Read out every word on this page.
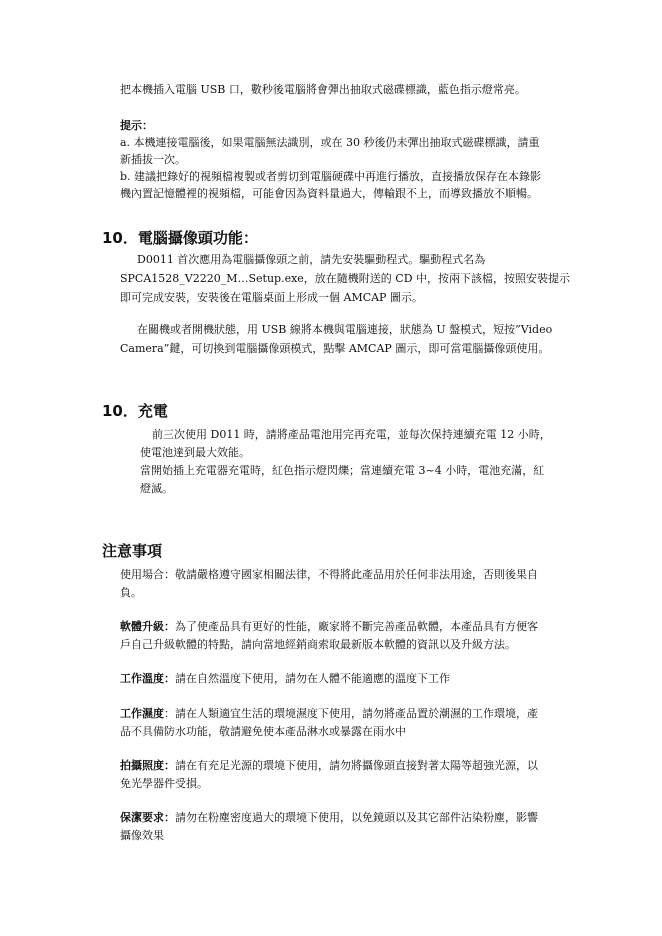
把本機插入電腦 USB 口，數秒後電腦將會彈出抽取式磁碟標識，藍色指示燈常亮。
提示：
a. 本機連接電腦後，如果電腦無法識別，或在 30 秒後仍未彈出抽取式磁碟標識，請重
新插拔一次。
b. 建議把錄好的視頻檔複製或者剪切到電腦硬碟中再進行播放，直接播放保存在本錄影
機內置記憶體裡的視頻檔，可能會因為資料量過大，傳輸跟不上，而導致播放不順暢。
10．電腦攝像頭功能：
D0011 首次應用為電腦攝像頭之前，請先安裝驅動程式。驅動程式名為
SPCA1528_V2220_M…Setup.exe，放在隨機附送的 CD 中，按兩下該檔，按照安裝提示
即可完成安裝，安裝後在電腦桌面上形成一個 AMCAP 圖示。
在關機或者開機狀態，用 USB 線將本機與電腦連接，狀態為 U 盤模式，短按”Video
Camera”鍵，可切換到電腦攝像頭模式，點擊 AMCAP 圖示，即可當電腦攝像頭使用。
10．充電
前三次使用 D011 時，請將產品電池用完再充電，並每次保持連續充電 12 小時，
使電池達到最大效能。
當開始插上充電器充電時，紅色指示燈閃爍；當連續充電 3~4 小時，電池充滿，紅
燈滅。
注意事項
使用場合：敬請嚴格遵守國家相關法律，不得將此產品用於任何非法用途，否則後果自
負。
軟體升級：為了使產品具有更好的性能，廠家將不斷完善產品軟體，本產品具有方便客
戶自己升級軟體的特點，請向當地經銷商索取最新版本軟體的資訊以及升級方法。
工作溫度：請在自然溫度下使用，請勿在人體不能適應的溫度下工作
工作濕度：請在人類適宜生活的環境濕度下使用，請勿將產品置於潮濕的工作環境，產
品不具備防水功能，敬請避免使本產品淋水或暴露在雨水中
拍攝照度：請在有充足光源的環境下使用，請勿將攝像頭直接對著太陽等超強光源，以
免光學器件受損。
保潔要求：請勿在粉塵密度過大的環境下使用，以免鏡頭以及其它部件沾染粉塵，影響
攝像效果
